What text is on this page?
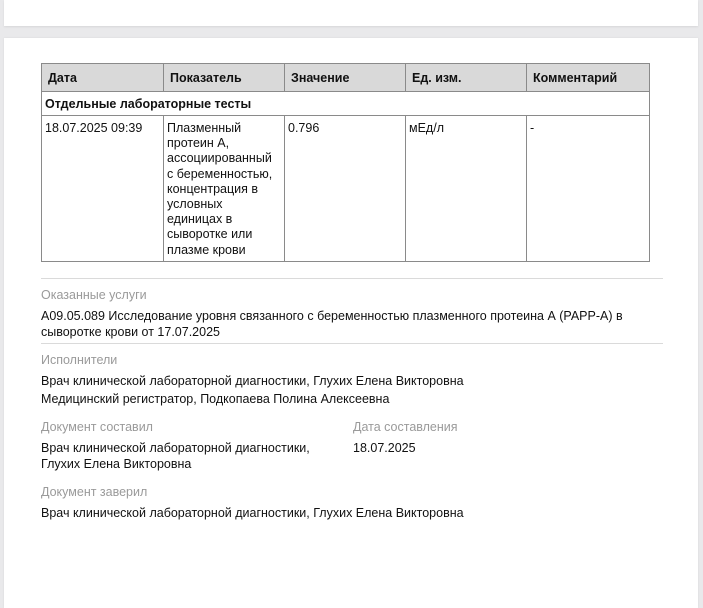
Дата	Показатель	Значение	Ед. изм.	Комментарий
Отдельные лабораторные тесты				
18.07.2025 09:39	Плазменный протеин А, ассоциированный с беременностью, концентрация в условных единицах в сыворотке или плазме крови	0.796	мЕд/л	-
Оказанные услуги
A09.05.089 Исследование уровня связанного с беременностью плазменного протеина А (PAPP-A) в сыворотке крови от 17.07.2025
Исполнители
Врач клинической лабораторной диагностики, Глухих Елена Викторовна
Медицинский регистратор, Подкопаева Полина Алексеевна
Документ составил
Врач клинической лабораторной диагностики,
Глухих Елена Викторовна
Дата составления
18.07.2025
Документ заверил
Врач клинической лабораторной диагностики, Глухих Елена Викторовна
